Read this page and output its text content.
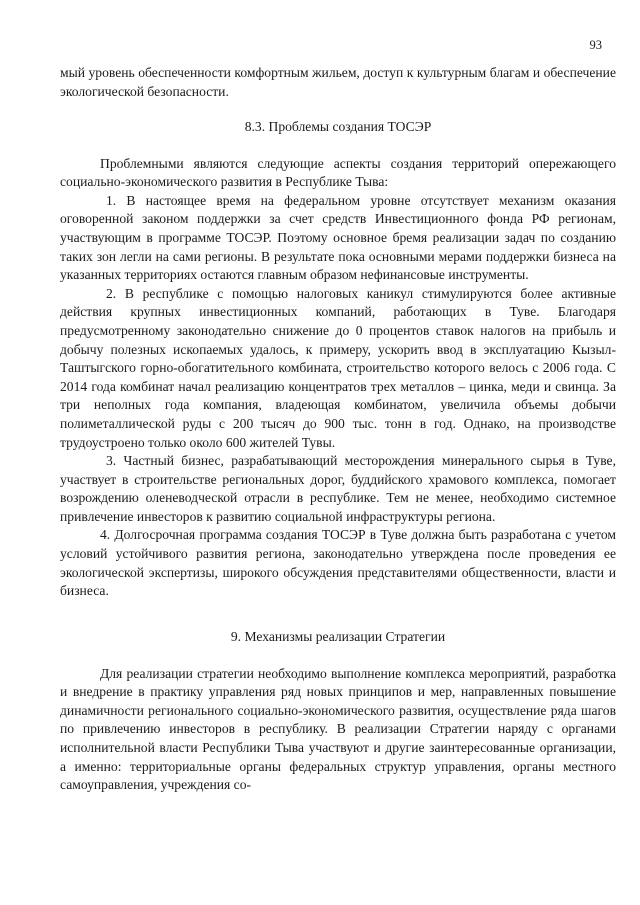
93

мый уровень обеспеченности комфортным жильем, доступ к культурным благам и обеспечение экологической безопасности.

8.3. Проблемы создания ТОСЭР

Проблемными являются следующие аспекты создания территорий опережающего социально-экономического развития в Республике Тыва:

1. В настоящее время на федеральном уровне отсутствует механизм оказания оговоренной законом поддержки за счет средств Инвестиционного фонда РФ регионам, участвующим в программе ТОСЭР. Поэтому основное бремя реализации задач по созданию таких зон легли на сами регионы. В результате пока основными мерами поддержки бизнеса на указанных территориях остаются главным образом нефинансовые инструменты.

2. В республике с помощью налоговых каникул стимулируются более активные действия крупных инвестиционных компаний, работающих в Туве. Благодаря предусмотренному законодательно снижение до 0 процентов ставок налогов на прибыль и добычу полезных ископаемых удалось, к примеру, ускорить ввод в эксплуатацию Кызыл-Таштыгского горно-обогатительного комбината, строительство которого велось с 2006 года. С 2014 года комбинат начал реализацию концентратов трех металлов – цинка, меди и свинца. За три неполных года компания, владеющая комбинатом, увеличила объемы добычи полиметаллической руды с 200 тысяч до 900 тыс. тонн в год. Однако, на производстве трудоустроено только около 600 жителей Тувы.

3. Частный бизнес, разрабатывающий месторождения минерального сырья в Туве, участвует в строительстве региональных дорог, буддийского храмового комплекса, помогает возрождению оленеводческой отрасли в республике. Тем не менее, необходимо системное привлечение инвесторов к развитию социальной инфраструктуры региона.

4. Долгосрочная программа создания ТОСЭР в Туве должна быть разработана с учетом условий устойчивого развития региона, законодательно утверждена после проведения ее экологической экспертизы, широкого обсуждения представителями общественности, власти и бизнеса.

9. Механизмы реализации Стратегии

Для реализации стратегии необходимо выполнение комплекса мероприятий, разработка и внедрение в практику управления ряд новых принципов и мер, направленных повышение динамичности регионального социально-экономического развития, осуществление ряда шагов по привлечению инвесторов в республику. В реализации Стратегии наряду с органами исполнительной власти Республики Тыва участвуют и другие заинтересованные организации, а именно: территориальные органы федеральных структур управления, органы местного самоуправления, учреждения со-
